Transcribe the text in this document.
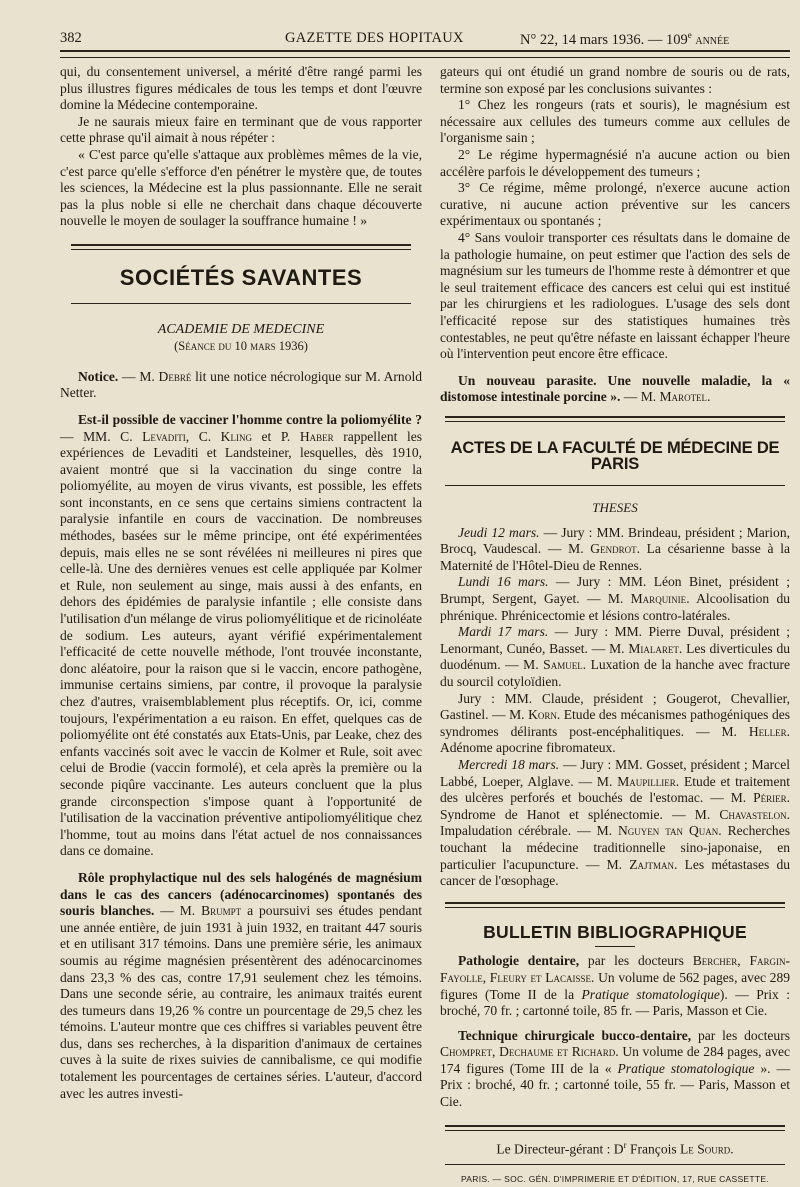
382	GAZETTE DES HOPITAUX	N° 22, 14 mars 1936. — 109e ANNÉE

qui, du consentement universel, a mérité d'être rangé parmi les plus illustres figures médicales de tous les temps et dont l'œuvre domine la Médecine contemporaine.

Je ne saurais mieux faire en terminant que de vous rapporter cette phrase qu'il aimait à nous répéter :

« C'est parce qu'elle s'attaque aux problèmes mêmes de la vie, c'est parce qu'elle s'efforce d'en pénétrer le mystère que, de toutes les sciences, la Médecine est la plus passionnante. Elle ne serait pas la plus noble si elle ne cherchait dans chaque découverte nouvelle le moyen de soulager la souffrance humaine ! »

SOCIÉTÉS SAVANTES
ACADEMIE DE MEDECINE
(Séance du 10 mars 1936)

Notice. — M. Debré lit une notice nécrologique sur M. Arnold Netter.

Est-il possible de vacciner l'homme contre la poliomyélite ? — MM. C. Levaditi, C. Kling et P. Haber rappellent les expériences de Levaditi et Landsteiner, lesquelles, dès 1910, avaient montré que si la vaccination du singe contre la poliomyélite, au moyen de virus vivants, est possible, les effets sont inconstants, en ce sens que certains simiens contractent la paralysie infantile en cours de vaccination. De nombreuses méthodes, basées sur le même principe, ont été expérimentées depuis, mais elles ne se sont révélées ni meilleures ni pires que celle-là. Une des dernières venues est celle appliquée par Kolmer et Rule, non seulement au singe, mais aussi à des enfants, en dehors des épidémies de paralysie infantile ; elle consiste dans l'utilisation d'un mélange de virus poliomyélitique et de ricinoléate de sodium. Les auteurs, ayant vérifié expérimentalement l'efficacité de cette nouvelle méthode, l'ont trouvée inconstante, donc aléatoire, pour la raison que si le vaccin, encore pathogène, immunise certains simiens, par contre, il provoque la paralysie chez d'autres, vraisemblablement plus réceptifs. Or, ici, comme toujours, l'expérimentation a eu raison. En effet, quelques cas de poliomyélite ont été constatés aux Etats-Unis, par Leake, chez des enfants vaccinés soit avec le vaccin de Kolmer et Rule, soit avec celui de Brodie (vaccin formolé), et cela après la première ou la seconde piqûre vaccinante. Les auteurs concluent que la plus grande circonspection s'impose quant à l'opportunité de l'utilisation de la vaccination préventive antipoliomyélitique chez l'homme, tout au moins dans l'état actuel de nos connaissances dans ce domaine.

Rôle prophylactique nul des sels halogénés de magnésium dans le cas des cancers (adénocarcinomes) spontanés des souris blanches. — M. Brumpt a poursuivi ses études pendant une année entière, de juin 1931 à juin 1932, en traitant 447 souris et en utilisant 317 témoins. Dans une première série, les animaux soumis au régime magnésien présentèrent des adénocarcinomes dans 23,3 % des cas, contre 17,91 seulement chez les témoins. Dans une seconde série, au contraire, les animaux traités eurent des tumeurs dans 19,26 % contre un pourcentage de 29,5 chez les témoins. L'auteur montre que ces chiffres si variables peuvent être dus, dans ses recherches, à la disparition d'animaux de certaines cuves à la suite de rixes suivies de cannibalisme, ce qui modifie totalement les pourcentages de certaines séries. L'auteur, d'accord avec les autres investi-

gateurs qui ont étudié un grand nombre de souris ou de rats, termine son exposé par les conclusions suivantes :

1° Chez les rongeurs (rats et souris), le magnésium est nécessaire aux cellules des tumeurs comme aux cellules de l'organisme sain ;

2° Le régime hypermagnésié n'a aucune action ou bien accélère parfois le développement des tumeurs ;

3° Ce régime, même prolongé, n'exerce aucune action curative, ni aucune action préventive sur les cancers expérimentaux ou spontanés ;

4° Sans vouloir transporter ces résultats dans le domaine de la pathologie humaine, on peut estimer que l'action des sels de magnésium sur les tumeurs de l'homme reste à démontrer et que le seul traitement efficace des cancers est celui qui est institué par les chirurgiens et les radiologues. L'usage des sels dont l'efficacité repose sur des statistiques humaines très contestables, ne peut qu'être néfaste en laissant échapper l'heure où l'intervention peut encore être efficace.

Un nouveau parasite. Une nouvelle maladie, la « distomose intestinale porcine ». — M. Marotel.

ACTES DE LA FACULTÉ DE MÉDECINE DE PARIS
THESES

Jeudi 12 mars. — Jury : MM. Brindeau, président ; Marion, Brocq, Vaudescal. — M. Gendrot. La césarienne basse à la Maternité de l'Hôtel-Dieu de Rennes.

Lundi 16 mars. — Jury : MM. Léon Binet, président ; Brumpt, Sergent, Gayet. — M. Marquinie. Alcoolisation du phrénique. Phrénicectomie et lésions contro-latérales.

Mardi 17 mars. — Jury : MM. Pierre Duval, président ; Lenormant, Cunéo, Basset. — M. Mialaret. Les diverticules du duodénum. — M. Samuel. Luxation de la hanche avec fracture du sourcil cotyloïdien.

Jury : MM. Claude, président ; Gougerot, Chevallier, Gastinel. — M. Korn. Etude des mécanismes pathogéniques des syndromes délirants post-encéphalitiques. — M. Heller. Adénome apocrine fibromateux.

Mercredi 18 mars. — Jury : MM. Gosset, président ; Marcel Labbé, Loeper, Alglave. — M. Maupillier. Etude et traitement des ulcères perforés et bouchés de l'estomac. — M. Périer. Syndrome de Hanot et splénectomie. — M. Chavastelon. Impaludation cérébrale. — M. Nguyen tan Quan. Recherches touchant la médecine traditionnelle sino-japonaise, en particulier l'acupuncture. — M. Zajtman. Les métastases du cancer de l'œsophage.

BULLETIN BIBLIOGRAPHIQUE

Pathologie dentaire, par les docteurs Bercher, Fargin-Fayolle, Fleury et Lacaisse. Un volume de 562 pages, avec 289 figures (Tome II de la Pratique stomatologique). — Prix : broché, 70 fr. ; cartonné toile, 85 fr. — Paris, Masson et Cie.

Technique chirurgicale bucco-dentaire, par les docteurs Chompret, Dechaume et Richard. Un volume de 284 pages, avec 174 figures (Tome III de la « Pratique stomatologique ». — Prix : broché, 40 fr. ; cartonné toile, 55 fr. — Paris, Masson et Cie.

Le Directeur-gérant : $D^r$ François Le Sourd.
PARIS. — SOC. GÉN. D'IMPRIMERIE ET D'ÉDITION, 17, RUE CASSETTE.
